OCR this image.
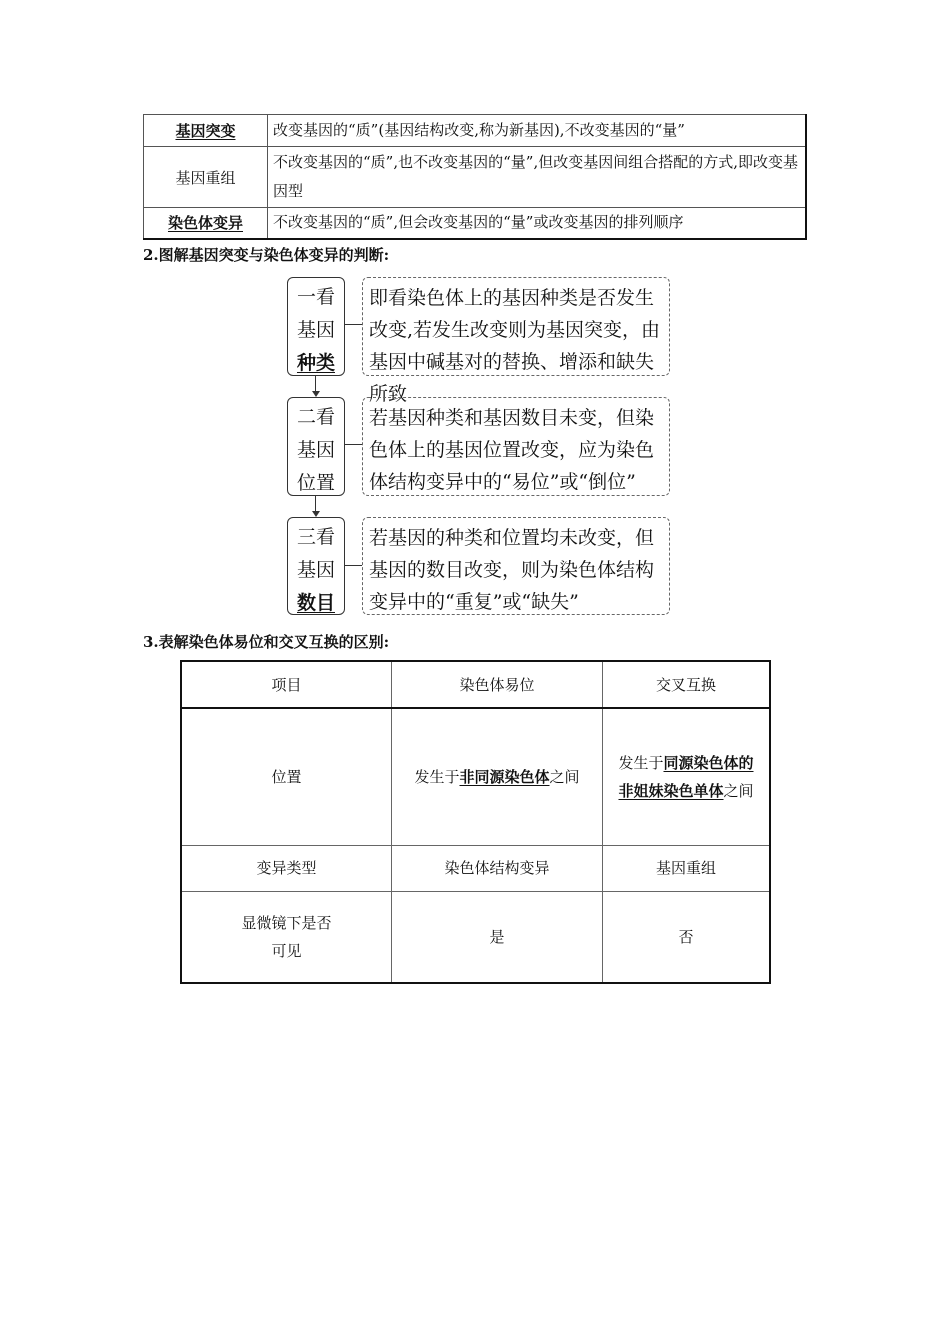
基因突变	改变基因的“质”(基因结构改变,称为新基因),不改变基因的“量”
基因重组	不改变基因的“质”,也不改变基因的“量”,但改变基因间组合搭配的方式,即改变基因型
染色体变异	不改变基因的“质”,但会改变基因的“量”或改变基因的排列顺序
2.图解基因突变与染色体变异的判断:
一看
基因
种类
即看染色体上的基因种类是否发生改变,若发生改变则为基因突变，由基因中碱基对的替换、增添和缺失所致
二看
基因
位置
若基因种类和基因数目未变，但染色体上的基因位置改变，应为染色体结构变异中的“易位”或“倒位”
三看
基因
数目
若基因的种类和位置均未改变，但基因的数目改变，则为染色体结构变异中的“重复”或“缺失”
3.表解染色体易位和交叉互换的区别:
项目	染色体易位	交叉互换
位置	发生于非同源染色体之间	发生于同源染色体的
非姐妹染色单体之间

变异类型	染色体结构变异	基因重组

显微镜下是否
可见	是	否
